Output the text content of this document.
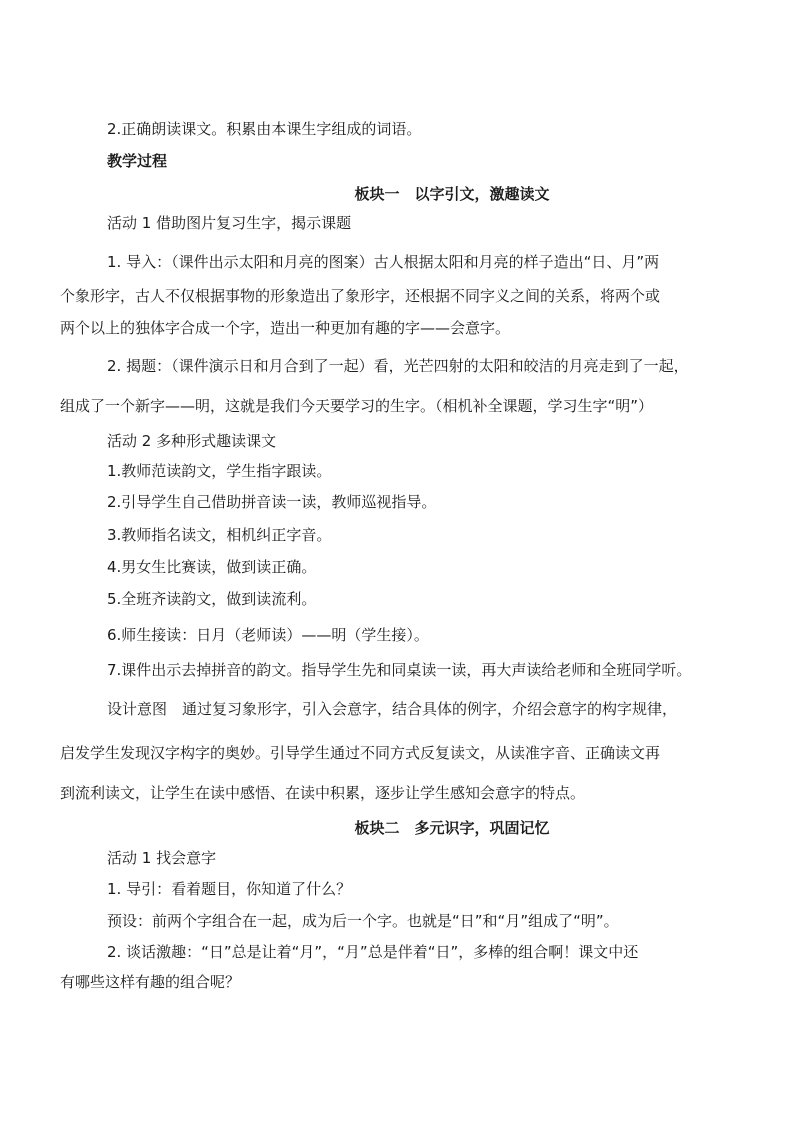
2.正确朗读课文。积累由本课生字组成的词语。
教学过程
板块一　以字引文，激趣读文
活动 1 借助图片复习生字，揭示课题
1. 导入：（课件出示太阳和月亮的图案）古人根据太阳和月亮的样子造出“日、月”两
个象形字，古人不仅根据事物的形象造出了象形字，还根据不同字义之间的关系，将两个或
两个以上的独体字合成一个字，造出一种更加有趣的字——会意字。
2. 揭题：（课件演示日和月合到了一起）看，光芒四射的太阳和皎洁的月亮走到了一起，
组成了一个新字——明，这就是我们今天要学习的生字。（相机补全课题，学习生字“明”）
活动 2 多种形式趣读课文
1.教师范读韵文，学生指字跟读。
2.引导学生自己借助拼音读一读，教师巡视指导。
3.教师指名读文，相机纠正字音。
4.男女生比赛读，做到读正确。
5.全班齐读韵文，做到读流利。
6.师生接读：日月（老师读）——明（学生接）。
7.课件出示去掉拼音的韵文。指导学生先和同桌读一读，再大声读给老师和全班同学听。
设计意图　通过复习象形字，引入会意字，结合具体的例字，介绍会意字的构字规律，
启发学生发现汉字构字的奥妙。引导学生通过不同方式反复读文，从读准字音、正确读文再
到流利读文，让学生在读中感悟、在读中积累，逐步让学生感知会意字的特点。
板块二　多元识字，巩固记忆
活动 1 找会意字
1. 导引：看着题目，你知道了什么？
预设：前两个字组合在一起，成为后一个字。也就是“日”和“月”组成了“明”。
2. 谈话激趣：“日”总是让着“月”，“月”总是伴着“日”，多棒的组合啊！课文中还
有哪些这样有趣的组合呢？
